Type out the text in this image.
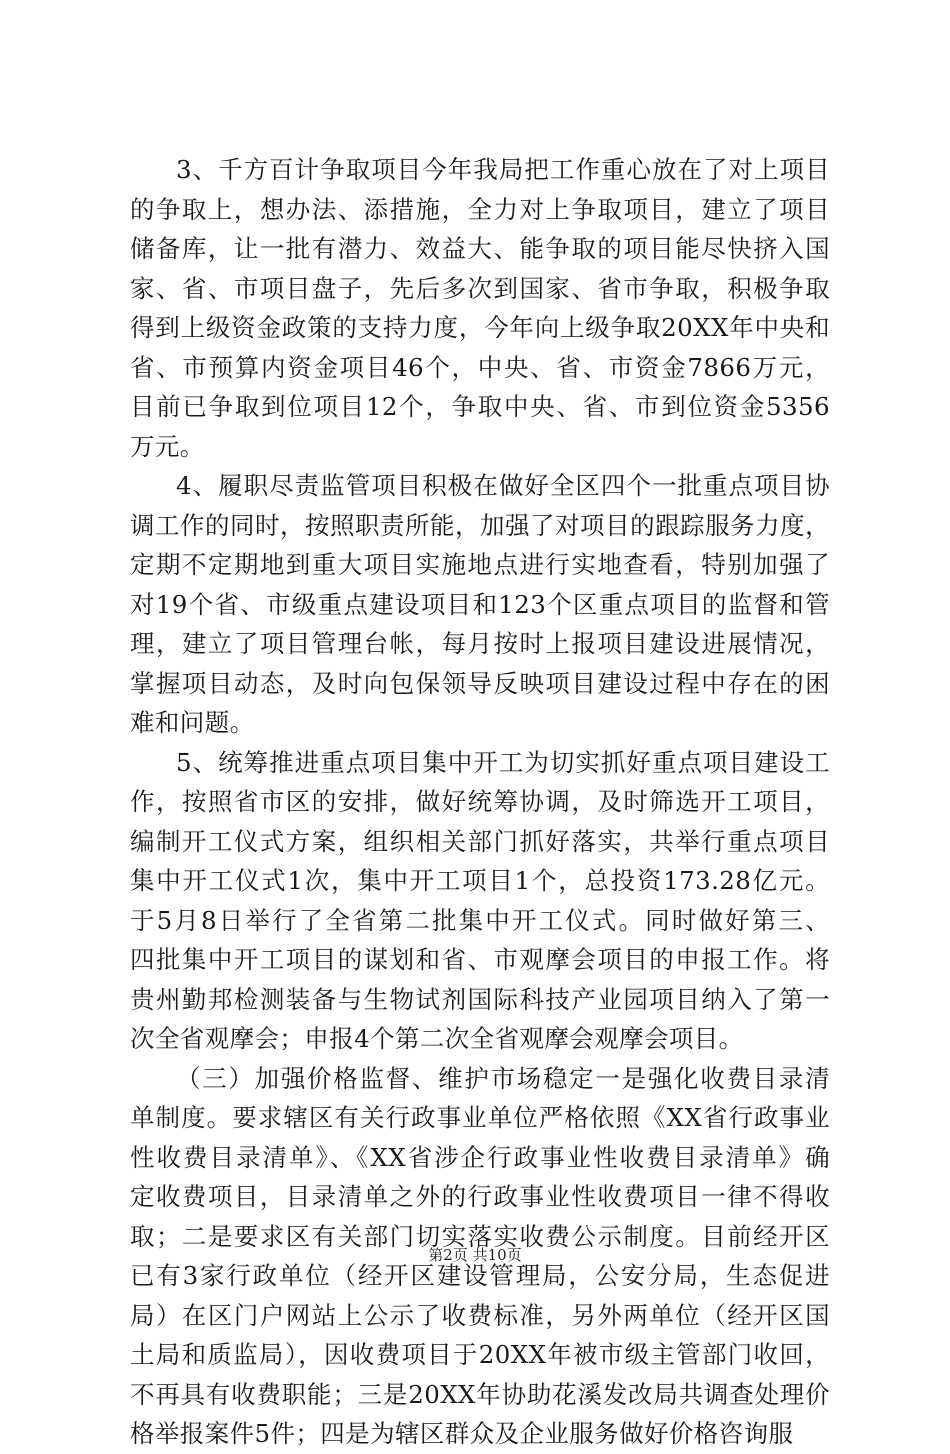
3、千方百计争取项目今年我局把工作重心放在了对上项目
的争取上，想办法、添措施，全力对上争取项目，建立了项目
储备库，让一批有潜力、效益大、能争取的项目能尽快挤入国
家、省、市项目盘子，先后多次到国家、省市争取，积极争取
得到上级资金政策的支持力度，今年向上级争取20XX年中央和
省、市预算内资金项目46个，中央、省、市资金7866万元，
目前已争取到位项目12个，争取中央、省、市到位资金5356
万元。
4、履职尽责监管项目积极在做好全区四个一批重点项目协
调工作的同时，按照职责所能，加强了对项目的跟踪服务力度，
定期不定期地到重大项目实施地点进行实地查看，特别加强了
对19个省、市级重点建设项目和123个区重点项目的监督和管
理，建立了项目管理台帐，每月按时上报项目建设进展情况，
掌握项目动态，及时向包保领导反映项目建设过程中存在的困
难和问题。
5、统筹推进重点项目集中开工为切实抓好重点项目建设工
作，按照省市区的安排，做好统筹协调，及时筛选开工项目，
编制开工仪式方案，组织相关部门抓好落实，共举行重点项目
集中开工仪式1次，集中开工项目1个，总投资173.28亿元。
于5月8日举行了全省第二批集中开工仪式。同时做好第三、
四批集中开工项目的谋划和省、市观摩会项目的申报工作。将
贵州勤邦检测装备与生物试剂国际科技产业园项目纳入了第一
次全省观摩会；申报4个第二次全省观摩会观摩会项目。
（三）加强价格监督、维护市场稳定一是强化收费目录清
单制度。要求辖区有关行政事业单位严格依照《XX省行政事业
性收费目录清单》、《XX省涉企行政事业性收费目录清单》确
定收费项目，目录清单之外的行政事业性收费项目一律不得收
取；二是要求区有关部门切实落实收费公示制度。目前经开区
已有3家行政单位（经开区建设管理局，公安分局，生态促进
局）在区门户网站上公示了收费标准，另外两单位（经开区国
土局和质监局），因收费项目于20XX年被市级主管部门收回，
不再具有收费职能；三是20XX年协助花溪发改局共调查处理价
格举报案件5件；四是为辖区群众及企业服务做好价格咨询服
第2页 共10页
